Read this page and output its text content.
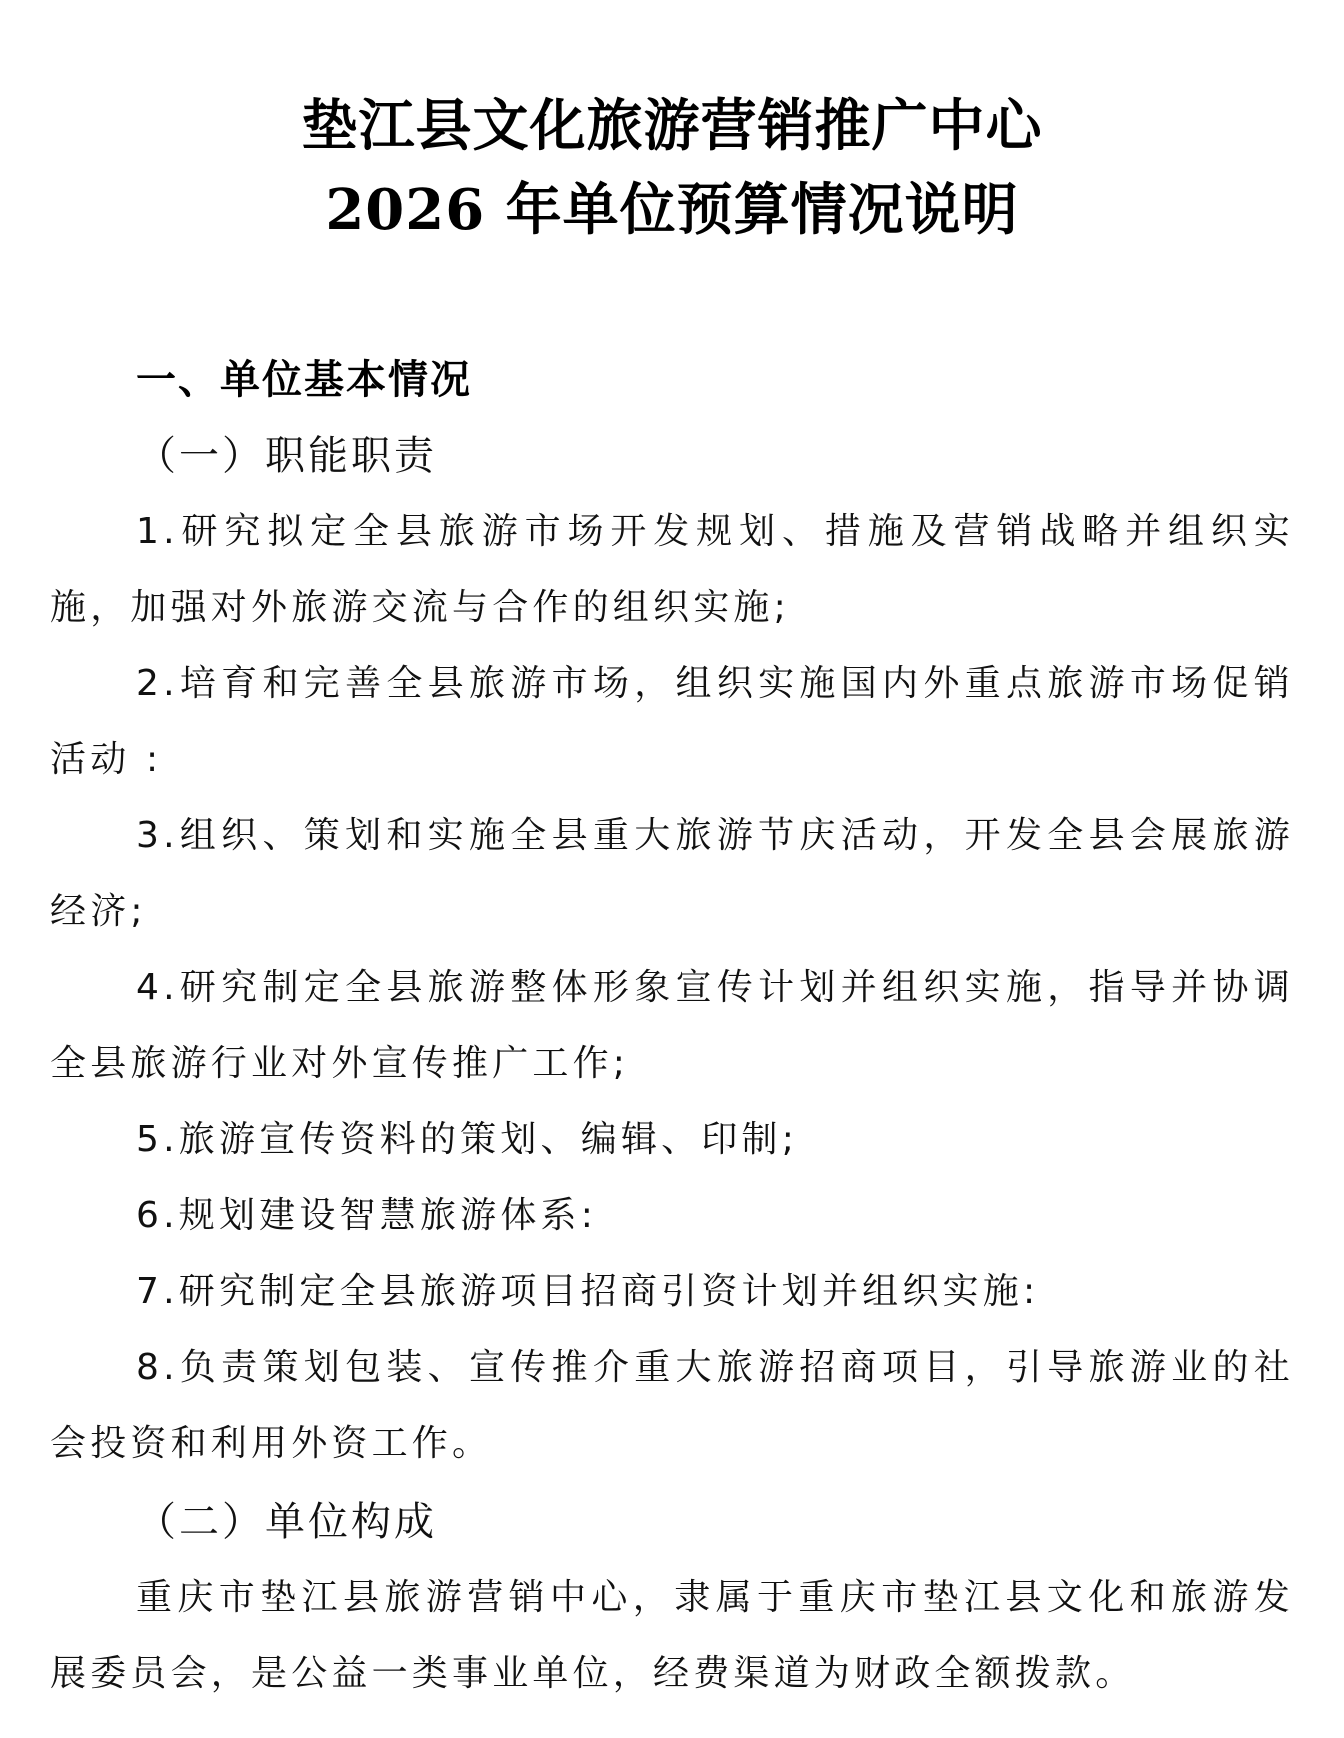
垫江县文化旅游营销推广中心
2026 年单位预算情况说明
一、单位基本情况
（一）职能职责

1.研究拟定全县旅游市场开发规划、措施及营销战略并组织实施，加强对外旅游交流与合作的组织实施;

2.培育和完善全县旅游市场，组织实施国内外重点旅游市场促销活动 :

3.组织、策划和实施全县重大旅游节庆活动，开发全县会展旅游经济;

4.研究制定全县旅游整体形象宣传计划并组织实施，指导并协调全县旅游行业对外宣传推广工作;

5.旅游宣传资料的策划、编辑、印制;

6.规划建设智慧旅游体系:

7.研究制定全县旅游项目招商引资计划并组织实施:

8.负责策划包装、宣传推介重大旅游招商项目，引导旅游业的社会投资和利用外资工作。

（二）单位构成

重庆市垫江县旅游营销中心，隶属于重庆市垫江县文化和旅游发展委员会，是公益一类事业单位，经费渠道为财政全额拨款。
